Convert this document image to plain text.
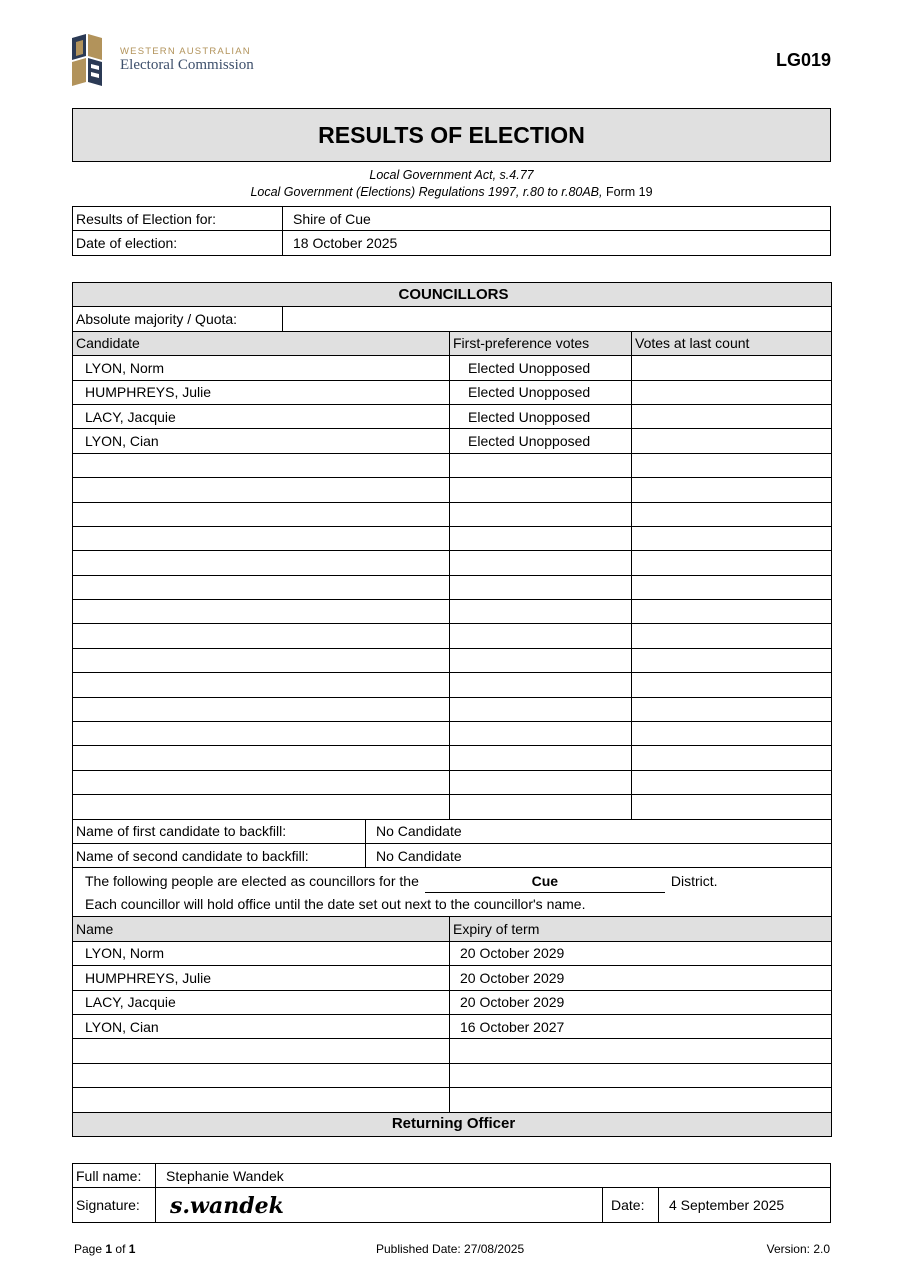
WESTERN AUSTRALIAN
Electoral Commission	LG019
RESULTS OF ELECTION
Local Government Act, s.4.77
Local Government (Elections) Regulations 1997, r.80 to r.80AB, Form 19
Results of Election for:	Shire of Cue
Date of election:	18 October 2025
COUNCILLORS				
Absolute majority / Quota:				
Candidate			First-preference votes	Votes at last count
LYON, Norm			Elected Unopposed	
HUMPHREYS, Julie			Elected Unopposed	
LACY, Jacquie			Elected Unopposed	
LYON, Cian			Elected Unopposed	

Name of first candidate to backfill:		No Candidate		
Name of second candidate to backfill:		No Candidate		
The following people are elected as councillors for the Cue District.
Each councillor will hold office until the date set out next to the councillor's name.				
Name			Expiry of term	
LYON, Norm			20 October 2029	
HUMPHREYS, Julie			20 October 2029	
LACY, Jacquie			20 October 2029	
LYON, Cian			16 October 2027	

Returning Officer				
Full name:	Stephanie Wandek		
Signature:	s.wandek	Date:	4 September 2025
Page 1 of 1	Published Date: 27/08/2025	Version: 2.0
